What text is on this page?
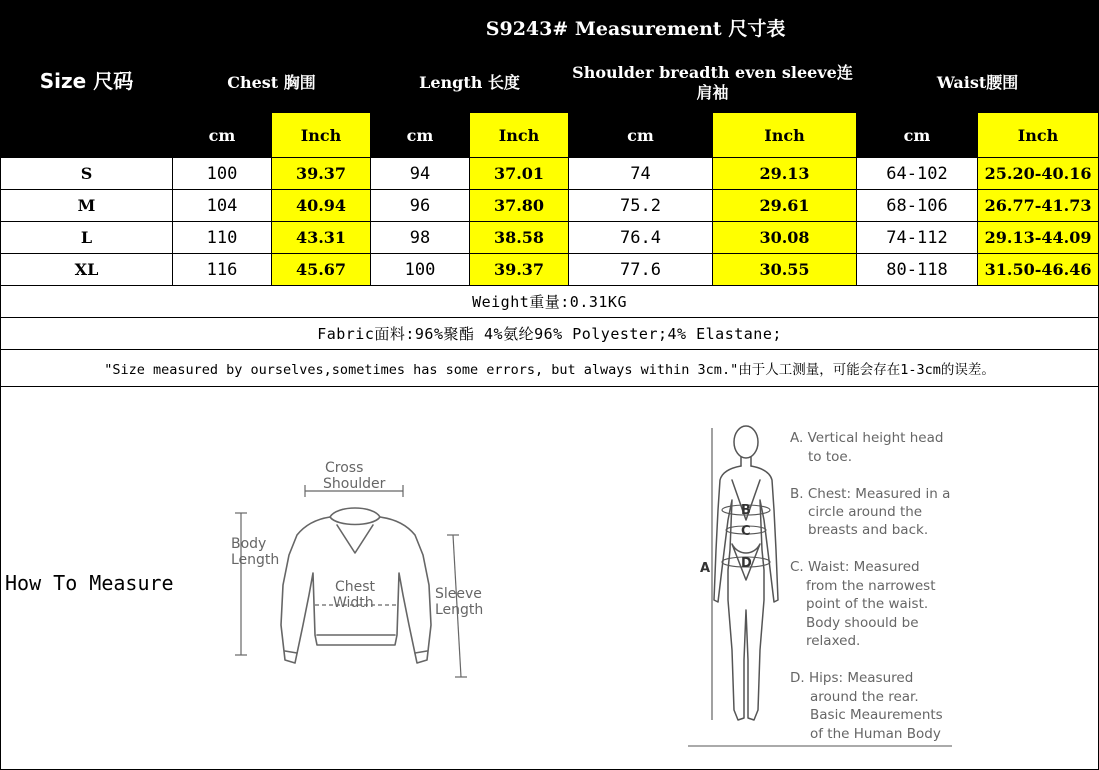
Size 尺码	S9243# Measurement 尺寸表							
	Chest 胸围		Length 长度		Shoulder breadth even sleeve连肩袖		Waist腰围	
	cm	Inch	cm	Inch	cm	Inch	cm	Inch
S	100	39.37	94	37.01	74	29.13	64-102	25.20-40.16
M	104	40.94	96	37.80	75.2	29.61	68-106	26.77-41.73
L	110	43.31	98	38.58	76.4	30.08	74-112	29.13-44.09
XL	116	45.67	100	39.37	77.6	30.55	80-118	31.50-46.46
Weight重量:0.31KG								
Fabric面料:96%聚酯 4%氨纶96% Polyester;4% Elastane;								
"Size measured by ourselves,sometimes has some errors, but always within 3cm."由于人工测量，可能会存在1-3cm的误差。								
How To Measure
Cross
Shoulder
Body
Length
Chest
Width
Sleeve
Length
A
B
C
D
A. Vertical height head
to toe.
B. Chest: Measured in a
circle around the
breasts and back.
C. Waist: Measured
from the narrowest
point of the waist.
Body shoould be
relaxed.
D. Hips: Measured
around the rear.
Basic Meaurements
of the Human Body
